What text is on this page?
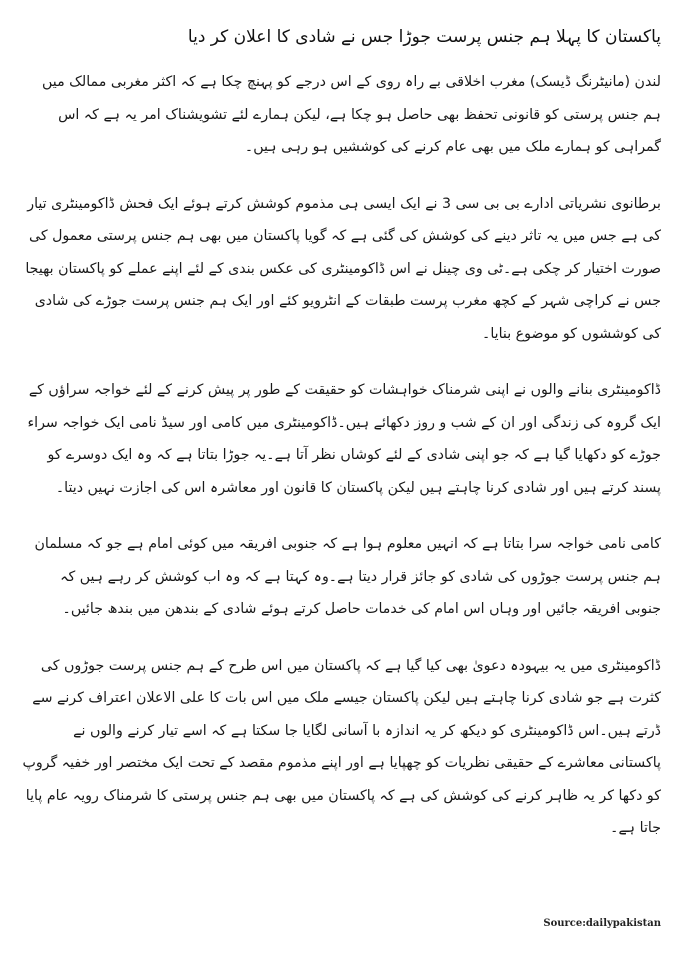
پاکستان کا پہلا ہم جنس پرست جوڑا جس نے شادی کا اعلان کر دیا

لندن (مانیٹرنگ ڈیسک) مغرب اخلاقی بے راہ روی کے اس درجے کو پہنچ چکا ہے کہ اکثر مغربی ممالک میں ہم جنس پرستی کو قانونی تحفظ بھی حاصل ہو چکا ہے، لیکن ہمارے لئے تشویشناک امر یہ ہے کہ اس گمراہی کو ہمارے ملک میں بھی عام کرنے کی کوششیں ہو رہی ہیں۔

برطانوی نشریاتی ادارے بی بی سی 3 نے ایک ایسی ہی مذموم کوشش کرتے ہوئے ایک فحش ڈاکومینٹری تیار کی ہے جس میں یہ تاثر دینے کی کوشش کی گئی ہے کہ گویا پاکستان میں بھی ہم جنس پرستی معمول کی صورت اختیار کر چکی ہے۔ٹی وی چینل نے اس ڈاکومینٹری کی عکس بندی کے لئے اپنے عملے کو پاکستان بھیجا جس نے کراچی شہر کے کچھ مغرب پرست طبقات کے انٹرویو کئے اور ایک ہم جنس پرست جوڑے کی شادی کی کوششوں کو موضوع بنایا۔

ڈاکومینٹری بنانے والوں نے اپنی شرمناک خواہشات کو حقیقت کے طور پر پیش کرنے کے لئے خواجہ سراؤں کے ایک گروہ کی زندگی اور ان کے شب و روز دکھائے ہیں۔ڈاکومینٹری میں کامی اور سیڈ نامی ایک خواجہ سراء جوڑے کو دکھایا گیا ہے کہ جو اپنی شادی کے لئے کوشاں نظر آتا ہے۔یہ جوڑا بتاتا ہے کہ وہ ایک دوسرے کو پسند کرتے ہیں اور شادی کرنا چاہتے ہیں لیکن پاکستان کا قانون اور معاشرہ اس کی اجازت نہیں دیتا۔

کامی نامی خواجہ سرا بتاتا ہے کہ انہیں معلوم ہوا ہے کہ جنوبی افریقہ میں کوئی امام ہے جو کہ مسلمان ہم جنس پرست جوڑوں کی شادی کو جائز قرار دیتا ہے۔وہ کہتا ہے کہ وہ اب کوشش کر رہے ہیں کہ جنوبی افریقہ جائیں اور وہاں اس امام کی خدمات حاصل کرتے ہوئے شادی کے بندھن میں بندھ جائیں۔

ڈاکومینٹری میں یہ بیہودہ دعویٰ بھی کیا گیا ہے کہ پاکستان میں اس طرح کے ہم جنس پرست جوڑوں کی کثرت ہے جو شادی کرنا چاہتے ہیں لیکن پاکستان جیسے ملک میں اس بات کا علی الاعلان اعتراف کرنے سے ڈرتے ہیں۔اس ڈاکومینٹری کو دیکھ کر یہ اندازہ با آسانی لگایا جا سکتا ہے کہ اسے تیار کرنے والوں نے پاکستانی معاشرے کے حقیقی نظریات کو چھپایا ہے اور اپنے مذموم مقصد کے تحت ایک مختصر اور خفیہ گروپ کو دکھا کر یہ ظاہر کرنے کی کوشش کی ہے کہ پاکستان میں بھی ہم جنس پرستی کا شرمناک رویہ عام پایا جاتا ہے۔

Source:dailypakistan
